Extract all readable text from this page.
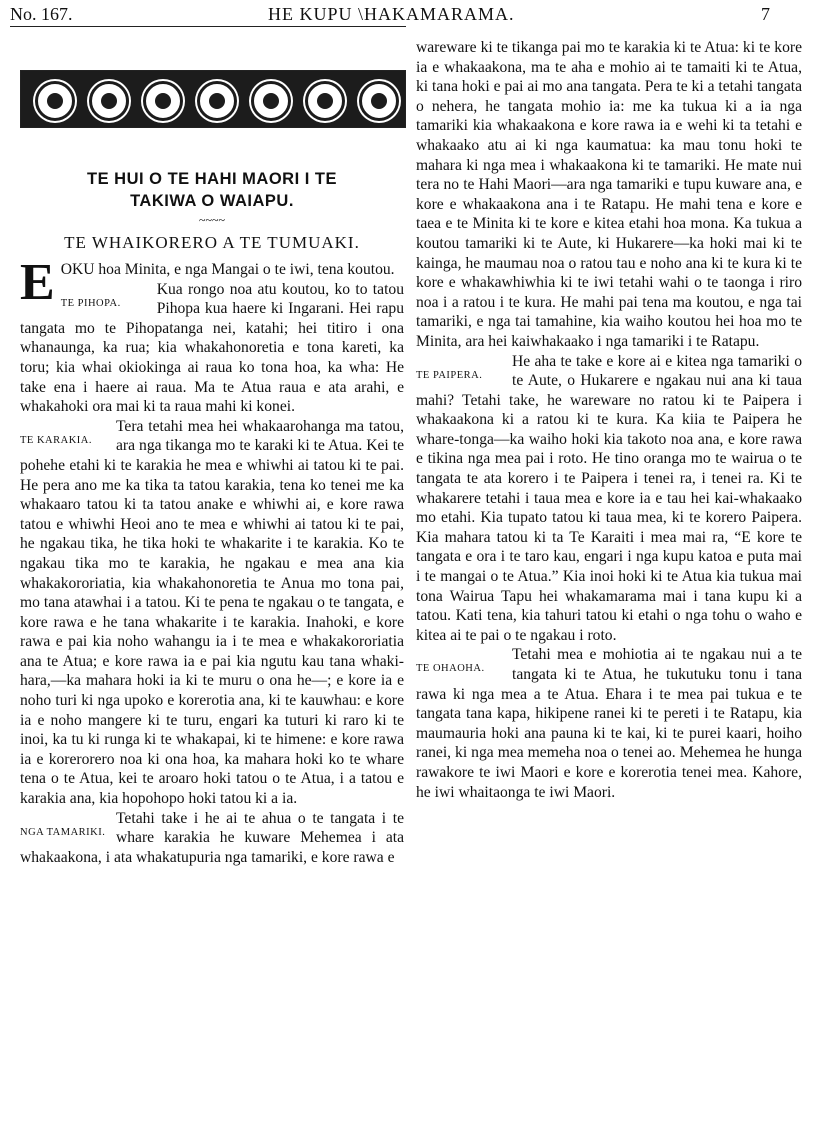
No. 167.	HE KUPU \HAKAMARAMA.	7
TE HUI O TE HAHI MAORI I TE
TAKIWA O WAIAPU.
~~~~
TE WHAIKORERO A TE TUMUAKI.

EOKU hoa Minita, e nga Mangai o te iwi, tena koutou.

TE PIHOPA.
Kua rongo noa atu koutou, ko to tatou Pihopa kua haere ki Ingarani. Hei rapu tangata mo te Pihopatanga nei, katahi; hei titiro i ona whanaunga, ka rua; kia whakahonoretia e tona kareti, ka toru; kia whai okiokinga ai raua ko tona hoa, ka wha: He take ena i haere ai raua. Ma te Atua raua e ata arahi, e whakahoki ora mai ki ta raua mahi ki konei.

TE KARAKIA.
Tera tetahi mea hei whakaarohanga ma tatou, ara nga tikanga mo te karaki ki te Atua. Kei te pohehe etahi ki te karakia he mea e whiwhi ai tatou ki te pai. He pera ano me ka tika ta tatou karakia, tena ko tenei me ka whakaaro tatou ki ta tatou anake e whiwhi ai, e kore rawa tatou e whiwhi Heoi ano te mea e whiwhi ai tatou ki te pai, he ngakau tika, he tika hoki te whakarite i te karakia. Ko te ngakau tika mo te karakia, he ngakau e mea ana kia whakakororiatia, kia whakahonoretia te Anua mo tona pai, mo tana atawhai i a tatou. Ki te pena te ngakau o te tangata, e kore rawa e he tana whakarite i te karakia. Inahoki, e kore rawa e pai kia noho wahangu ia i te mea e whakakororiatia ana te Atua; e kore rawa ia e pai kia ngutu kau tana whaki-hara,—ka mahara hoki ia ki te muru o ona he—; e kore ia e noho turi ki nga upoko e korerotia ana, ki te kauwhau: e kore ia e noho mangere ki te turu, engari ka tuturi ki raro ki te inoi, ka tu ki runga ki te whakapai, ki te himene: e kore rawa ia e korerorero noa ki ona hoa, ka mahara hoki ko te whare tena o te Atua, kei te aroaro hoki tatou o te Atua, i a tatou e karakia ana, kia hopohopo hoki tatou ki a ia.

NGA TAMARIKI.
Tetahi take i he ai te ahua o te tangata i te whare karakia he kuware Mehemea i ata whakaakona, i ata whakatupuria nga tamariki, e kore rawa e

wareware ki te tikanga pai mo te karakia ki te Atua: ki te kore ia e whakaakona, ma te aha e mohio ai te tamaiti ki te Atua, ki tana hoki e pai ai mo ana tangata. Pera te ki a tetahi tangata o nehera, he tangata mohio ia: me ka tukua ki a ia nga tamariki kia whakaakona e kore rawa ia e wehi ki ta tetahi e whakaako atu ai ki nga kaumatua: ka mau tonu hoki te mahara ki nga mea i whakaakona ki te tamariki. He mate nui tera no te Hahi Maori—ara nga tamariki e tupu kuware ana, e kore e whakaakona ana i te Ratapu. He mahi tena e kore e taea e te Minita ki te kore e kitea etahi hoa mona. Ka tukua a koutou tamariki ki te Aute, ki Hukarere—ka hoki mai ki te kainga, he maumau noa o ratou tau e noho ana ki te kura ki te kore e whakawhiwhia ki te iwi tetahi wahi o te taonga i riro noa i a ratou i te kura. He mahi pai tena ma koutou, e nga tai tamariki, e nga tai tamahine, kia waiho koutou hei hoa mo te Minita, ara hei kaiwhakaako i nga tamariki i te Ratapu.

TE PAIPERA.
He aha te take e kore ai e kitea nga tamariki o te Aute, o Hukarere e ngakau nui ana ki taua mahi? Tetahi take, he wareware no ratou ki te Paipera i whakaakona ki a ratou ki te kura. Ka kiia te Paipera he whare-tonga—ka waiho hoki kia takoto noa ana, e kore rawa e tikina nga mea pai i roto. He tino oranga mo te wairua o te tangata te ata korero i te Paipera i tenei ra, i tenei ra. Ki te whakarere tetahi i taua mea e kore ia e tau hei kai-whakaako mo etahi. Kia tupato tatou ki taua mea, ki te korero Paipera. Kia mahara tatou ki ta Te Karaiti i mea mai ra, “E kore te tangata e ora i te taro kau, engari i nga kupu katoa e puta mai i te mangai o te Atua.” Kia inoi hoki ki te Atua kia tukua mai tona Wairua Tapu hei whakamarama mai i tana kupu ki a tatou. Kati tena, kia tahuri tatou ki etahi o nga tohu o waho e kitea ai te pai o te ngakau i roto.

TE OHAOHA.
Tetahi mea e mohiotia ai te ngakau nui a te tangata ki te Atua, he tukutuku tonu i tana rawa ki nga mea a te Atua. Ehara i te mea pai tukua e te tangata tana kapa, hikipene ranei ki te pereti i te Ratapu, kia maumauria hoki ana pauna ki te kai, ki te purei kaari, hoiho ranei, ki nga mea memeha noa o tenei ao. Mehemea he hunga rawakore te iwi Maori e kore e korerotia tenei mea. Kahore, he iwi whaitaonga te iwi Maori.
